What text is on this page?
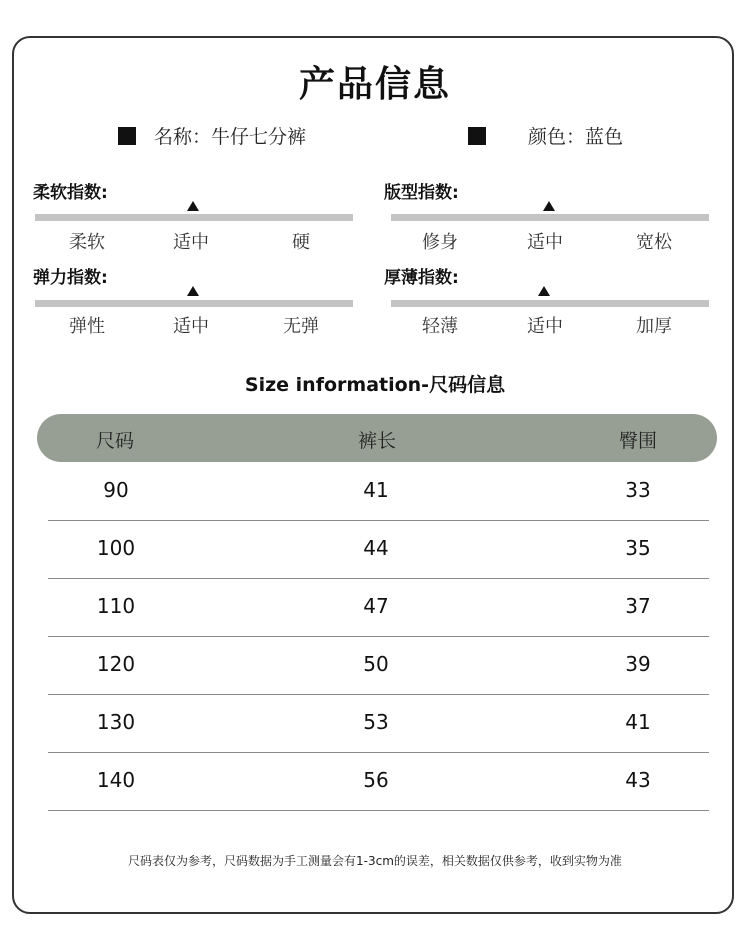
产品信息
名称：牛仔七分裤	颜色：蓝色
柔软指数:
柔软	适中	硬
版型指数:
修身	适中	宽松
弹力指数:
弹性	适中	无弹
厚薄指数:
轻薄	适中	加厚
Size information-尺码信息
尺码	裤长	臀围
90	41	33
100	44	35
110	47	37
120	50	39
130	53	41
140	56	43
尺码表仅为参考，尺码数据为手工测量会有1-3cm的误差，相关数据仅供参考，收到实物为准
